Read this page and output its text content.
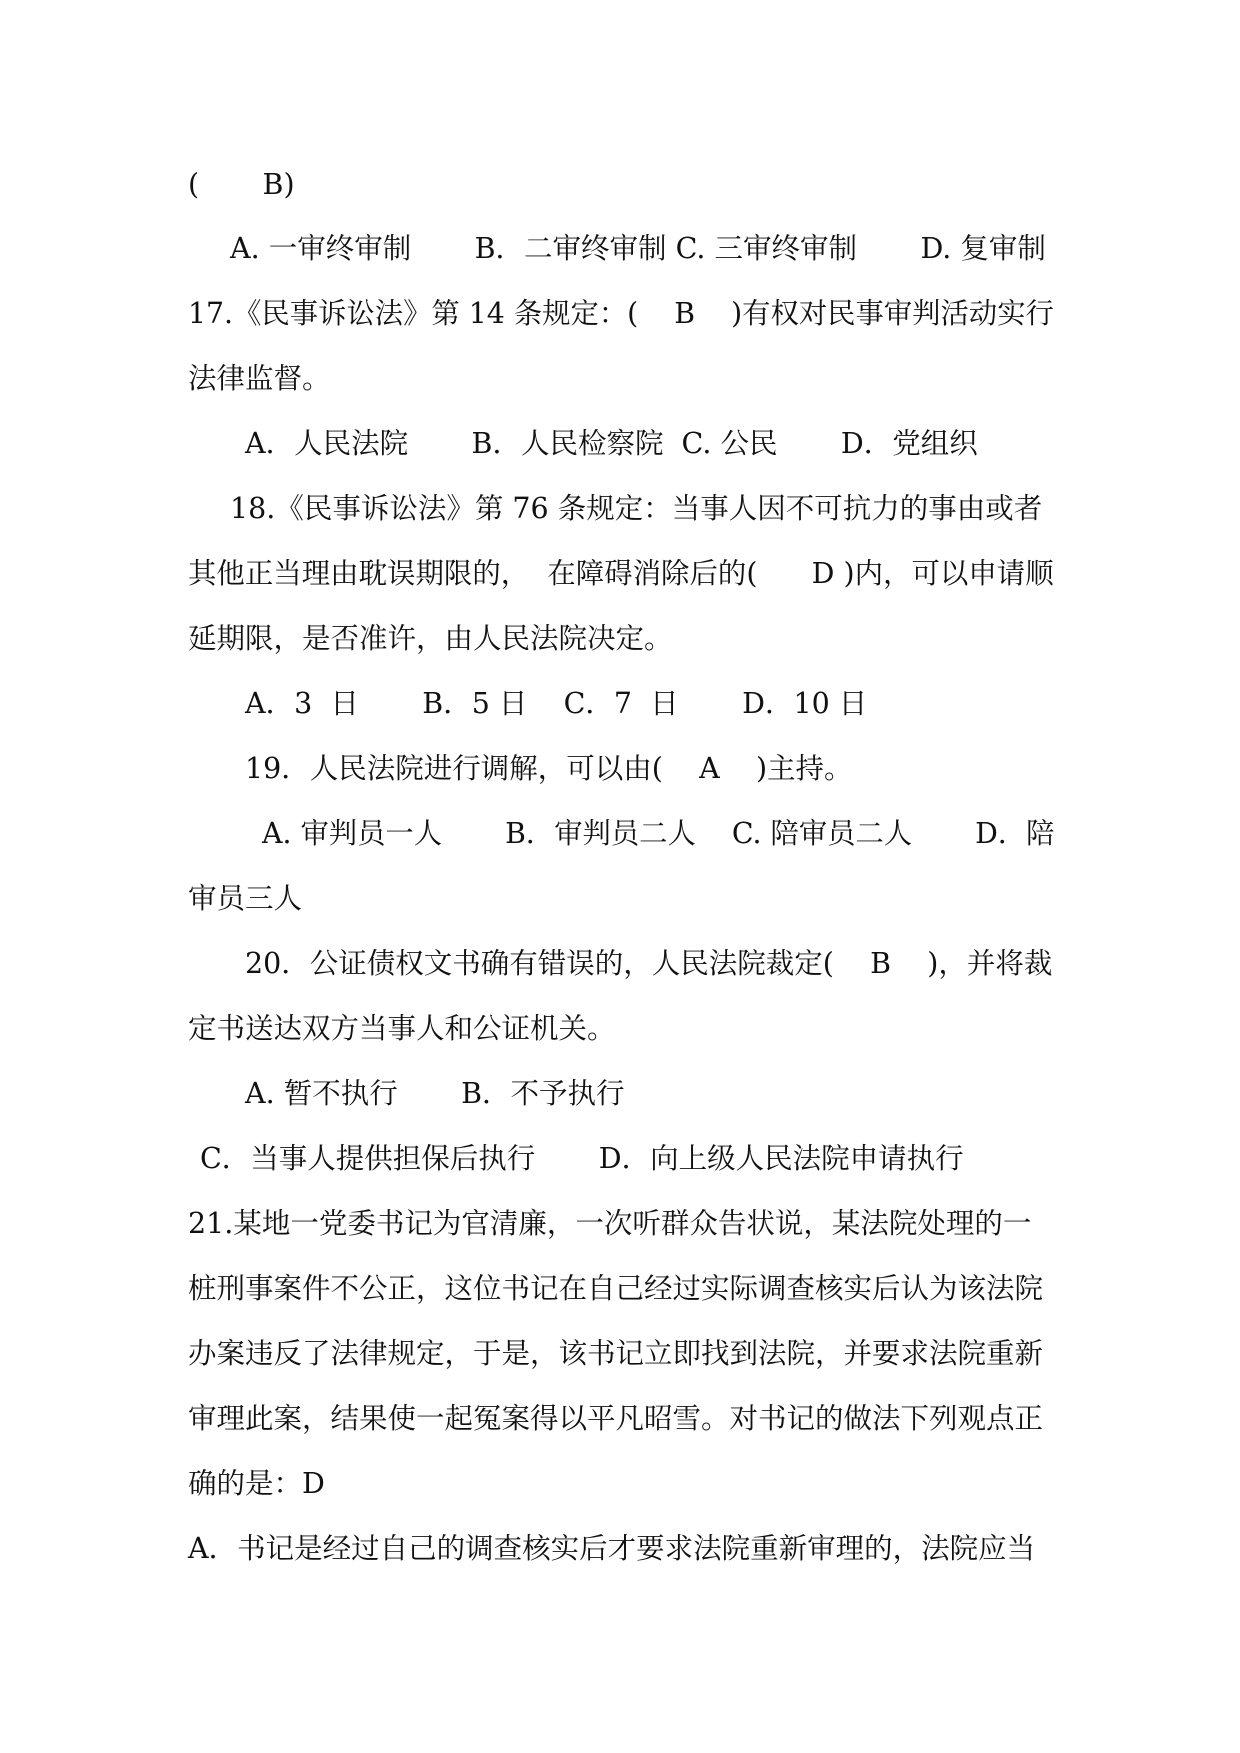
(       B)

A. 一审终审制       B．二审终审制 C. 三审终审制       D. 复审制

17.《民事诉讼法》第 14 条规定：(    B    )有权对民事审判活动实行

法律监督。

A．人民法院       B．人民检察院  C. 公民       D．党组织

18.《民事诉讼法》第 76 条规定：当事人因不可抗力的事由或者

其他正当理由耽误期限的，  在障碍消除后的(      D )内，可以申请顺

延期限，是否准许，由人民法院决定。

A．3  日       B．5 日    C．7  日       D．10 日

19．人民法院进行调解，可以由(    A    )主持。

A. 审判员一人       B．审判员二人    C. 陪审员二人       D．陪

审员三人

20．公证债权文书确有错误的，人民法院裁定(    B    )，并将裁

定书送达双方当事人和公证机关。

A. 暂不执行       B．不予执行

C．当事人提供担保后执行       D．向上级人民法院申请执行

21.某地一党委书记为官清廉，一次听群众告状说，某法院处理的一

桩刑事案件不公正，这位书记在自己经过实际调查核实后认为该法院

办案违反了法律规定，于是，该书记立即找到法院，并要求法院重新

审理此案，结果使一起冤案得以平凡昭雪。对书记的做法下列观点正

确的是：D

A．书记是经过自己的调查核实后才要求法院重新审理的，法院应当
